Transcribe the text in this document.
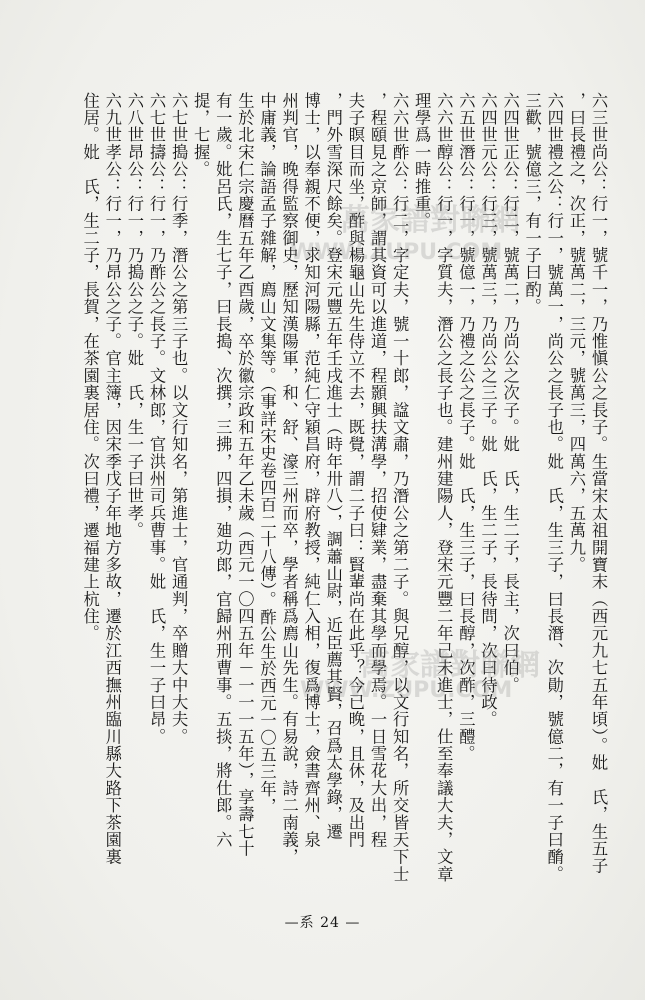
六三世尚公：行一，號千一，乃惟愼公之長子。生當宋太祖開寶末（西元九七五年頃）。妣　氏，生五子
，曰長禮之，次正，號萬二，三元，號萬三，四萬六，五萬九。
六四世禮之公：行一，號萬一，尚公之長子也。妣　氏，生三子，曰長潛、次勛，號億二，有一子曰酳。
三歡，號億三，有一子曰酌。
六四世正公：行二，號萬二，乃尚公之次子。妣　氏，生二子，長主，次曰伯。
六四世元公：行三，號萬三，乃尚公之三子。妣　氏，生二子，長待問，次曰待政。
六五世潛公：行一，號億一，乃禮之公之長子。妣　氏，生三子，曰長醇，次酢，三醴。
六六世醇公：行一，字質夫，潛公之長子也。建州建陽人，登宋元豐二年己未進士，仕至奉議大夫，文章
理學爲一時推重。
六六世酢公：行二，字定夫，號一十郎，諡文肅，乃潛公之第二子。與兄醇，以文行知名，所交皆天下士
，程頤見之京師，謂其資可以進道，程顥興扶溝學，招使肄業，盡棄其學而學焉。一日雪花大出，程
夫子瞑目而坐，酢與楊龜山先生侍立不去，既覺，謂二子曰：賢輩尚在此乎？今已晚，且休，及出門
，門外雪深尺餘矣。登宋元豐五年壬戌進士（時年卅八），調蕭山尉，近臣薦其賢，召爲太學錄，遷
博士，以奉親不便，求知河陽縣，范純仁守穎昌府，辟府教授，純仁入相，復爲博士，僉書齊州、泉
州判官，晚得監察御史，歷知漢陽軍，和、舒、濠三州而卒，學者稱爲廌山先生。有易說，詩二南義，
中庸義，論語孟子雜解，廌山文集等。（事詳宋史卷四百二十八傳）。酢公生於西元一〇五三年，
生於北宋仁宗慶曆五年乙酉歲，卒於徽宗政和五年乙未歲（西元一〇四五年－一一一五年），享壽七十
有一歲。妣呂氏，生七子，曰長搗、次撰，三拂，四損，廸功郎，官歸州刑曹事。五掞，將仕郎。六
提，七握。
六七世搗公：行季，潛公之第三子也。以文行知名，第進士，官通判，卒贈大中大夫。
六七世擣公：行一，乃酢公之長子。文林郎，官洪州司兵曹事。妣　氏，生一子曰昂。
六八世昂公：行一，乃搗公之子。妣　氏，生一子曰世孝。
六九世孝公：行一，乃昂公之子。官主簿，因宋季戊子年地方多故，遷於江西撫州臨川縣大路下茶園裏
住居。妣　氏，生二子，長賀，在茶園裏居住。次曰禮，遷福建上杭住。	萬家譜對聯網
WWW.ZUPU.COM
萬家譜對聯網
WWW.ZUPU.COM
—系 24 —
